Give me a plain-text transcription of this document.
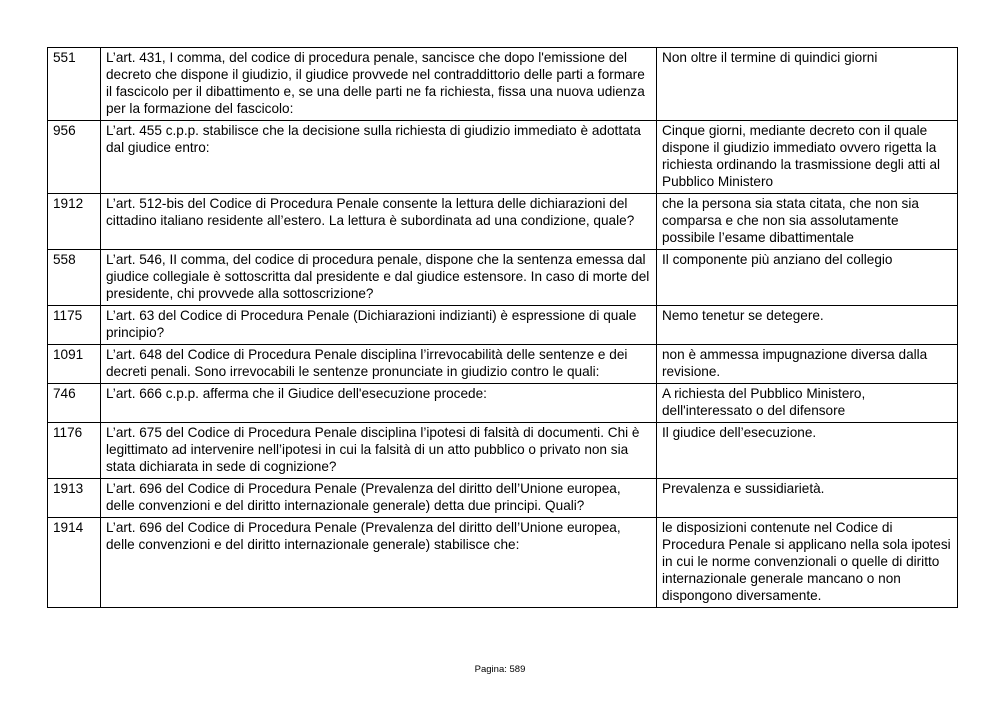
551	L’art. 431, I comma, del codice di procedura penale, sancisce che dopo l'emissione del decreto che dispone il giudizio, il giudice provvede nel contraddittorio delle parti a formare il fascicolo per il dibattimento e, se una delle parti ne fa richiesta, fissa una nuova udienza per la formazione del fascicolo:	Non oltre il termine di quindici giorni
956	L’art. 455 c.p.p. stabilisce che la decisione sulla richiesta di giudizio immediato è adottata dal giudice entro:	Cinque giorni, mediante decreto con il quale dispone il giudizio immediato ovvero rigetta la richiesta ordinando la trasmissione degli atti al Pubblico Ministero
1912	L’art. 512-bis del Codice di Procedura Penale consente la lettura delle dichiarazioni del cittadino italiano residente all’estero. La lettura è subordinata ad una condizione, quale?	che la persona sia stata citata, che non sia comparsa e che non sia assolutamente possibile l’esame dibattimentale
558	L’art. 546, II comma, del codice di procedura penale, dispone che la sentenza emessa dal giudice collegiale è sottoscritta dal presidente e dal giudice estensore. In caso di morte del presidente, chi provvede alla sottoscrizione?	Il componente più anziano del collegio
1175	L’art. 63 del Codice di Procedura Penale (Dichiarazioni indizianti) è espressione di quale principio?	Nemo tenetur se detegere.
1091	L’art. 648 del Codice di Procedura Penale disciplina l’irrevocabilità delle sentenze e dei decreti penali. Sono irrevocabili le sentenze pronunciate in giudizio contro le quali:	non è ammessa impugnazione diversa dalla revisione.
746	L’art. 666 c.p.p. afferma che il Giudice dell'esecuzione procede:	A richiesta del Pubblico Ministero, dell'interessato o del difensore
1176	L’art. 675 del Codice di Procedura Penale disciplina l’ipotesi di falsità di documenti. Chi è legittimato ad intervenire nell’ipotesi in cui la falsità di un atto pubblico o privato non sia stata dichiarata in sede di cognizione?	Il giudice dell’esecuzione.
1913	L’art. 696 del Codice di Procedura Penale (Prevalenza del diritto dell’Unione europea, delle convenzioni e del diritto internazionale generale) detta due principi. Quali?	Prevalenza e sussidiarietà.
1914	L’art. 696 del Codice di Procedura Penale (Prevalenza del diritto dell’Unione europea, delle convenzioni e del diritto internazionale generale) stabilisce che:	le disposizioni contenute nel Codice di Procedura Penale si applicano nella sola ipotesi in cui le norme convenzionali o quelle di diritto internazionale generale mancano o non dispongono diversamente.
Pagina: 589
